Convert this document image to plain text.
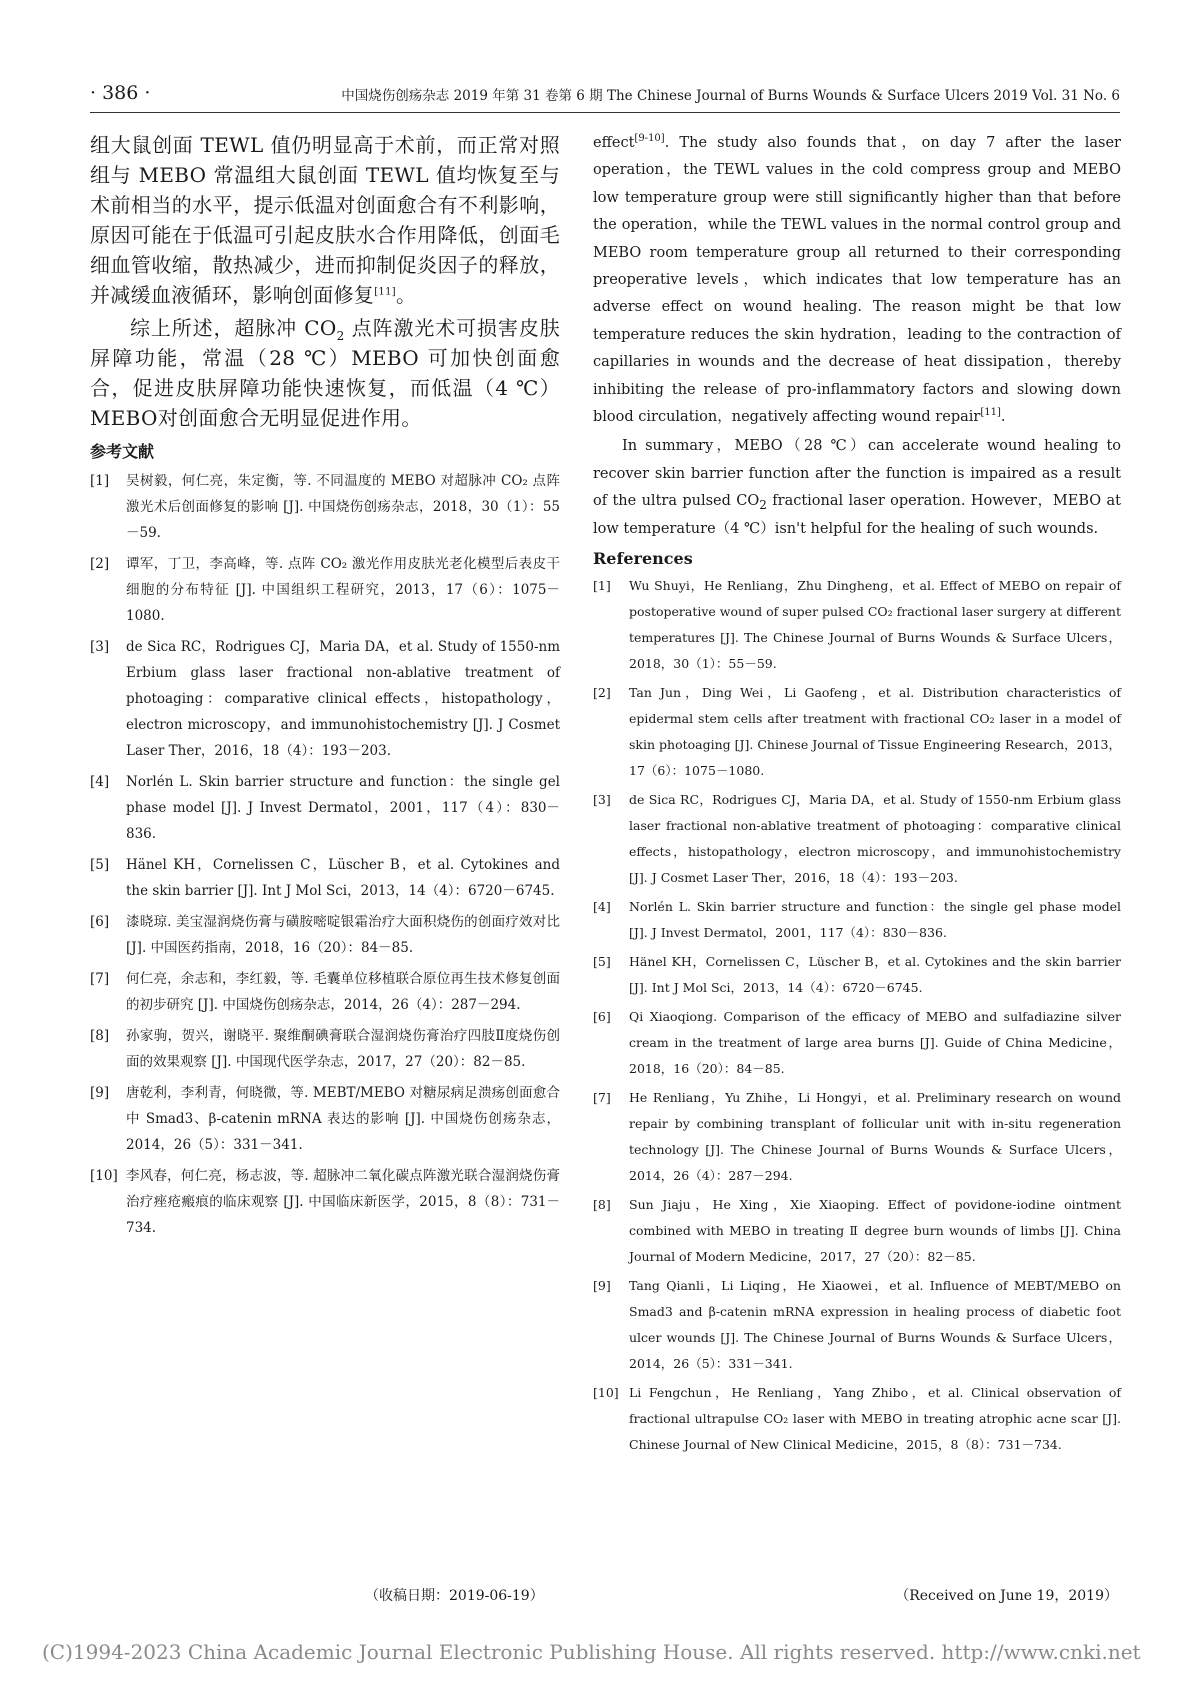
· 386 ·	中国烧伤创疡杂志 2019 年第 31 卷第 6 期 The Chinese Journal of Burns Wounds & Surface Ulcers 2019 Vol. 31 No. 6

组大鼠创面 TEWL 值仍明显高于术前，而正常对照组与 MEBO 常温组大鼠创面 TEWL 值均恢复至与术前相当的水平，提示低温对创面愈合有不利影响，原因可能在于低温可引起皮肤水合作用降低，创面毛细血管收缩，散热减少，进而抑制促炎因子的释放，并减缓血液循环，影响创面修复[11]。

综上所述，超脉冲 $CO_2$ 点阵激光术可损害皮肤屏障功能，常温（28 ℃）MEBO 可加快创面愈合，促进皮肤屏障功能快速恢复，而低温（4 ℃）MEBO对创面愈合无明显促进作用。

参考文献
[1]	吴树毅，何仁亮，朱定衡，等. 不同温度的 MEBO 对超脉冲 CO₂ 点阵激光术后创面修复的影响 [J]. 中国烧伤创疡杂志，2018，30（1）：55－59.
[2]	谭军，丁卫，李高峰，等. 点阵 CO₂ 激光作用皮肤光老化模型后表皮干细胞的分布特征 [J]. 中国组织工程研究，2013，17（6）：1075－1080.
[3]	de Sica RC，Rodrigues CJ，Maria DA，et al. Study of 1550-nm Erbium glass laser fractional non-ablative treatment of photoaging：comparative clinical effects，histopathology，electron microscopy，and immunohistochemistry [J]. J Cosmet Laser Ther，2016，18（4）：193－203.
[4]	Norlén L. Skin barrier structure and function：the single gel phase model [J]. J Invest Dermatol，2001，117（4）：830－836.
[5]	Hänel KH，Cornelissen C，Lüscher B，et al. Cytokines and the skin barrier [J]. Int J Mol Sci，2013，14（4）：6720－6745.
[6]	漆晓琼. 美宝湿润烧伤膏与磺胺嘧啶银霜治疗大面积烧伤的创面疗效对比 [J]. 中国医药指南，2018，16（20）：84－85.
[7]	何仁亮，余志和，李红毅，等. 毛囊单位移植联合原位再生技术修复创面的初步研究 [J]. 中国烧伤创疡杂志，2014，26（4）：287－294.
[8]	孙家驹，贺兴，谢晓平. 聚维酮碘膏联合湿润烧伤膏治疗四肢Ⅱ度烧伤创面的效果观察 [J]. 中国现代医学杂志，2017，27（20）：82－85.
[9]	唐乾利，李利青，何晓微，等. MEBT/MEBO 对糖尿病足溃疡创面愈合中 Smad3、β-catenin mRNA 表达的影响 [J]. 中国烧伤创疡杂志，2014，26（5）：331－341.
[10] 李风春，何仁亮，杨志波，等. 超脉冲二氧化碳点阵激光联合湿润烧伤膏治疗痤疮瘢痕的临床观察 [J]. 中国临床新医学，2015，8（8）：731－734.

effect[9-10]. The study also founds that，on day 7 after the laser operation，the TEWL values in the cold compress group and MEBO low temperature group were still significantly higher than that before the operation，while the TEWL values in the normal control group and MEBO room temperature group all returned to their corresponding preoperative levels，which indicates that low temperature has an adverse effect on wound healing. The reason might be that low temperature reduces the skin hydration，leading to the contraction of capillaries in wounds and the decrease of heat dissipation，thereby inhibiting the release of pro-inflammatory factors and slowing down blood circulation，negatively affecting wound repair[11].

In summary，MEBO（28 ℃）can accelerate wound healing to recover skin barrier function after the function is impaired as a result of the ultra pulsed $CO_2$ fractional laser operation. However，MEBO at low temperature（4 ℃）isn't helpful for the healing of such wounds.

References
[1]	Wu Shuyi，He Renliang，Zhu Dingheng，et al. Effect of MEBO on repair of postoperative wound of super pulsed CO₂ fractional laser surgery at different temperatures [J]. The Chinese Journal of Burns Wounds & Surface Ulcers，2018，30（1）：55－59.
[2]	Tan Jun，Ding Wei，Li Gaofeng，et al. Distribution characteristics of epidermal stem cells after treatment with fractional CO₂ laser in a model of skin photoaging [J]. Chinese Journal of Tissue Engineering Research，2013，17（6）：1075－1080.
[3]	de Sica RC，Rodrigues CJ，Maria DA，et al. Study of 1550-nm Erbium glass laser fractional non-ablative treatment of photoaging：comparative clinical effects，histopathology，electron microscopy，and immunohistochemistry [J]. J Cosmet Laser Ther，2016，18（4）：193－203.
[4]	Norlén L. Skin barrier structure and function：the single gel phase model [J]. J Invest Dermatol，2001，117（4）：830－836.
[5]	Hänel KH，Cornelissen C，Lüscher B，et al. Cytokines and the skin barrier [J]. Int J Mol Sci，2013，14（4）：6720－6745.
[6]	Qi Xiaoqiong. Comparison of the efficacy of MEBO and sulfadiazine silver cream in the treatment of large area burns [J]. Guide of China Medicine，2018，16（20）：84－85.
[7]	He Renliang，Yu Zhihe，Li Hongyi，et al. Preliminary research on wound repair by combining transplant of follicular unit with in-situ regeneration technology [J]. The Chinese Journal of Burns Wounds & Surface Ulcers，2014，26（4）：287－294.
[8]	Sun Jiaju，He Xing，Xie Xiaoping. Effect of povidone-iodine ointment combined with MEBO in treating Ⅱ degree burn wounds of limbs [J]. China Journal of Modern Medicine，2017，27（20）：82－85.
[9]	Tang Qianli，Li Liqing，He Xiaowei，et al. Influence of MEBT/MEBO on Smad3 and β-catenin mRNA expression in healing process of diabetic foot ulcer wounds [J]. The Chinese Journal of Burns Wounds & Surface Ulcers，2014，26（5）：331－341.
[10] Li Fengchun，He Renliang，Yang Zhibo，et al. Clinical observation of fractional ultrapulse CO₂ laser with MEBO in treating atrophic acne scar [J]. Chinese Journal of New Clinical Medicine，2015，8（8）：731－734.
（收稿日期：2019-06-19）	（Received on June 19，2019）
(C)1994-2023 China Academic Journal Electronic Publishing House. All rights reserved. http://www.cnki.net
